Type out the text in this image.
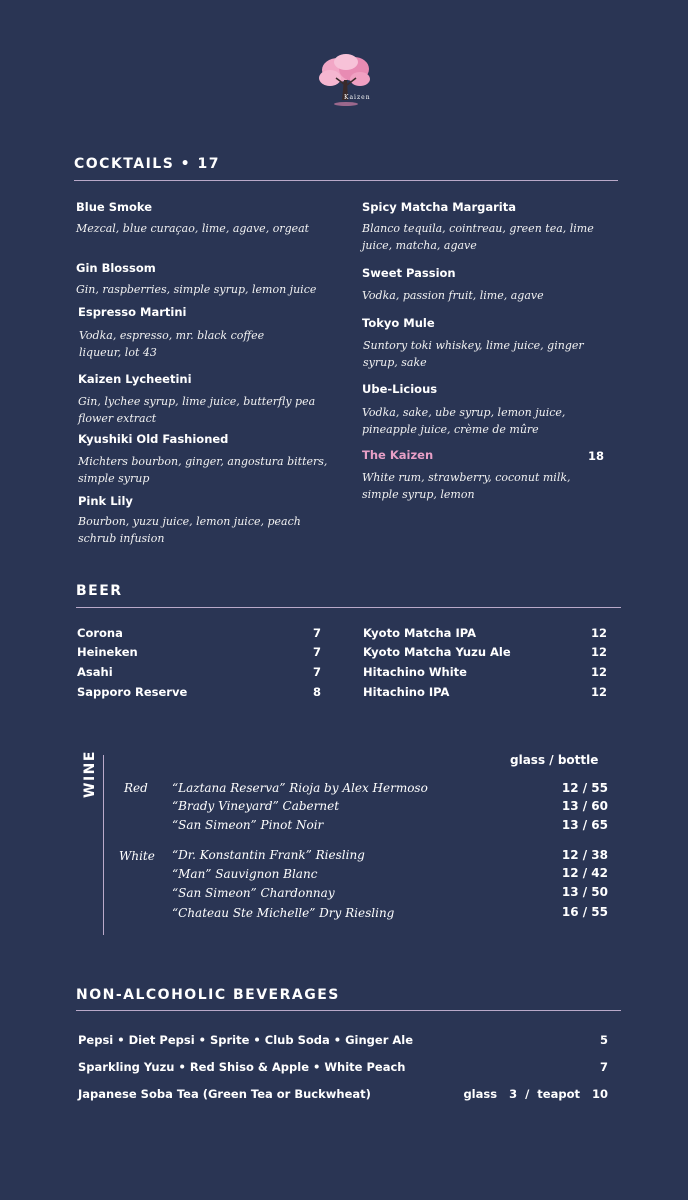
Kaizen
COCKTAILS • 17
Blue Smoke
Mezcal, blue curaçao, lime, agave, orgeat
Gin Blossom
Gin, raspberries, simple syrup, lemon juice
Espresso Martini
Vodka, espresso, mr. black coffee liqueur, lot 43
Kaizen Lycheetini
Gin, lychee syrup, lime juice, butterfly pea flower extract
Kyushiki Old Fashioned
Michters bourbon, ginger, angostura bitters, simple syrup
Pink Lily
Bourbon, yuzu juice, lemon juice, peach schrub infusion
Spicy Matcha Margarita
Blanco tequila, cointreau, green tea, lime juice, matcha, agave
Sweet Passion
Vodka, passion fruit, lime, agave
Tokyo Mule
Suntory toki whiskey, lime juice, ginger syrup, sake
Ube-Licious
Vodka, sake, ube syrup, lemon juice, pineapple juice, crème de mûre
The Kaizen	18
White rum, strawberry, coconut milk, simple syrup, lemon
BEER
Corona	7
Heineken	7
Asahi	7
Sapporo Reserve	8
Kyoto Matcha IPA	12
Kyoto Matcha Yuzu Ale	12
Hitachino White	12
Hitachino IPA	12
WINE	glass / bottle
Red “Laztana Reserva” Rioja by Alex Hermoso	12 / 55
“Brady Vineyard” Cabernet	13 / 60
“San Simeon” Pinot Noir	13 / 65
White “Dr. Konstantin Frank” Riesling	12 / 38
“Man” Sauvignon Blanc	12 / 42
“San Simeon” Chardonnay	13 / 50
“Chateau Ste Michelle” Dry Riesling	16 / 55
NON-ALCOHOLIC BEVERAGES
Pepsi • Diet Pepsi • Sprite • Club Soda • Ginger Ale	5
Sparkling Yuzu • Red Shiso & Apple • White Peach	7
Japanese Soba Tea (Green Tea or Buckwheat)	glass   3  /  teapot   10
